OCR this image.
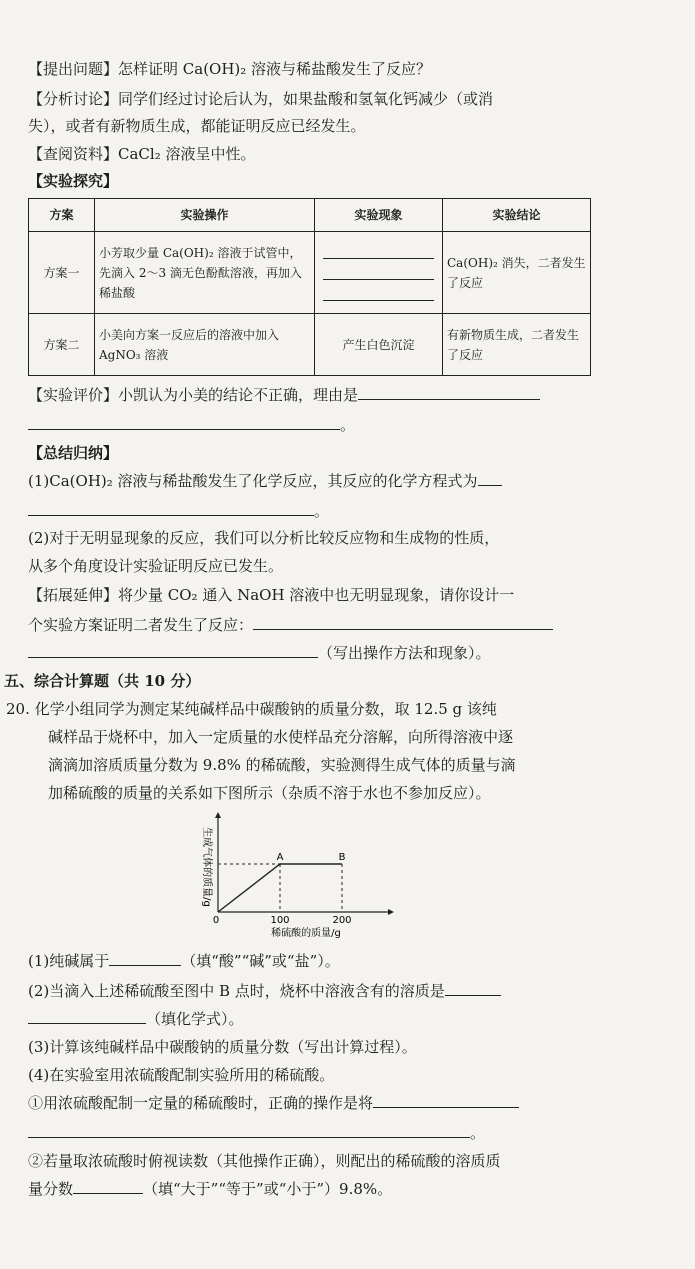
【提出问题】怎样证明 Ca(OH)₂ 溶液与稀盐酸发生了反应？
【分析讨论】同学们经过讨论后认为，如果盐酸和氢氧化钙减少（或消
失），或者有新物质生成，都能证明反应已经发生。
【查阅资料】CaCl₂ 溶液呈中性。
【实验探究】
方案	实验操作	实验现象	实验结论
方案一	小芳取少量 Ca(OH)₂ 溶液于试管中，先滴入 2～3 滴无色酚酞溶液，再加入稀盐酸		Ca(OH)₂ 消失，二者发生了反应
方案二	小美向方案一反应后的溶液中加入 AgNO₃ 溶液	产生白色沉淀	有新物质生成，二者发生了反应
【实验评价】小凯认为小美的结论不正确，理由是
。
【总结归纳】
(1)Ca(OH)₂ 溶液与稀盐酸发生了化学反应，其反应的化学方程式为
。
(2)对于无明显现象的反应，我们可以分析比较反应物和生成物的性质，
从多个角度设计实验证明反应已发生。
【拓展延伸】将少量 CO₂ 通入 NaOH 溶液中也无明显现象，请你设计一
个实验方案证明二者发生了反应：
（写出操作方法和现象）。
五、综合计算题（共 10 分）
20. 化学小组同学为测定某纯碱样品中碳酸钠的质量分数，取 12.5 g 该纯
碱样品于烧杯中，加入一定质量的水使样品充分溶解，向所得溶液中逐
滴滴加溶质质量分数为 9.8% 的稀硫酸，实验测得生成气体的质量与滴
加稀硫酸的质量的关系如下图所示（杂质不溶于水也不参加反应）。
A	B
0	100	200
生成气体的质量/g
稀硫酸的质量/g
(1)纯碱属于	（填“酸”“碱”或“盐”）。
(2)当滴入上述稀硫酸至图中 B 点时，烧杯中溶液含有的溶质是
（填化学式）。
(3)计算该纯碱样品中碳酸钠的质量分数（写出计算过程）。
(4)在实验室用浓硫酸配制实验所用的稀硫酸。
①用浓硫酸配制一定量的稀硫酸时，正确的操作是将
。
②若量取浓硫酸时俯视读数（其他操作正确），则配出的稀硫酸的溶质质
量分数	（填“大于”“等于”或“小于”）9.8%。
